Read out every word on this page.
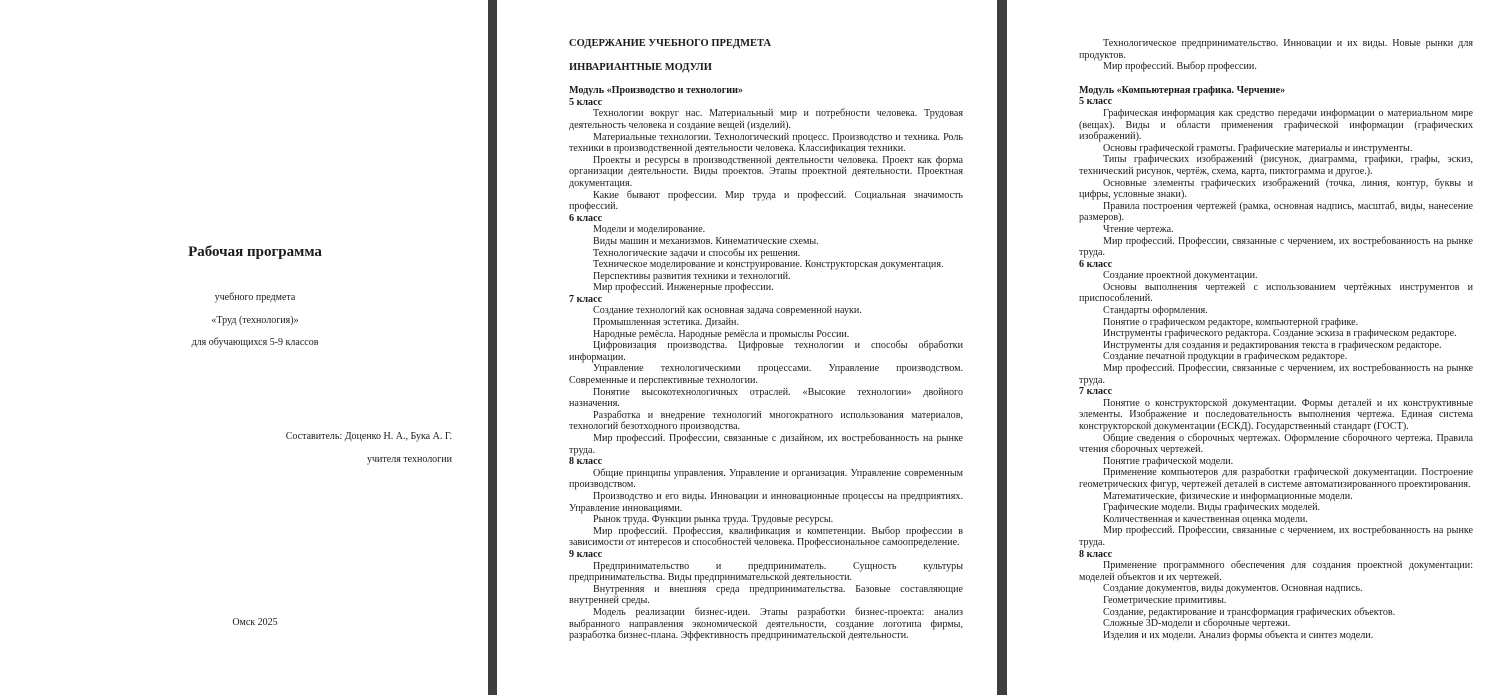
Рабочая программа
учебного предмета
«Труд (технология)»
для обучающихся 5-9 классов
Составитель: Доценко Н. А., Бука А. Г.
учителя технологии
Омск 2025
СОДЕРЖАНИЕ УЧЕБНОГО ПРЕДМЕТА
ИНВАРИАНТНЫЕ МОДУЛИ
Модуль «Производство и технологии»
5 класс

Технологии вокруг нас. Материальный мир и потребности человека. Трудовая деятельность человека и создание вещей (изделий).

Материальные технологии. Технологический процесс. Производство и техника. Роль техники в производственной деятельности человека. Классификация техники.

Проекты и ресурсы в производственной деятельности человека. Проект как форма организации деятельности. Виды проектов. Этапы проектной деятельности. Проектная документация.

Какие бывают профессии. Мир труда и профессий. Социальная значимость профессий.

6 класс

Модели и моделирование.

Виды машин и механизмов. Кинематические схемы.

Технологические задачи и способы их решения.

Техническое моделирование и конструирование. Конструкторская документация.

Перспективы развития техники и технологий.

Мир профессий. Инженерные профессии.

7 класс

Создание технологий как основная задача современной науки.

Промышленная эстетика. Дизайн.

Народные ремёсла. Народные ремёсла и промыслы России.

Цифровизация производства. Цифровые технологии и способы обработки информации.

Управление технологическими процессами. Управление производством. Современные и перспективные технологии.

Понятие высокотехнологичных отраслей. «Высокие технологии» двойного назначения.

Разработка и внедрение технологий многократного использования материалов, технологий безотходного производства.

Мир профессий. Профессии, связанные с дизайном, их востребованность на рынке труда.

8 класс

Общие принципы управления. Управление и организация. Управление современным производством.

Производство и его виды. Инновации и инновационные процессы на предприятиях. Управление инновациями.

Рынок труда. Функции рынка труда. Трудовые ресурсы.

Мир профессий. Профессия, квалификация и компетенции. Выбор профессии в зависимости от интересов и способностей человека. Профессиональное самоопределение.

9 класс

Предпринимательство и предприниматель. Сущность культуры предпринимательства. Виды предпринимательской деятельности.

Внутренняя и внешняя среда предпринимательства. Базовые составляющие внутренней среды.

Модель реализации бизнес-идеи. Этапы разработки бизнес-проекта: анализ выбранного направления экономической деятельности, создание логотипа фирмы, разработка бизнес-плана. Эффективность предпринимательской деятельности.

Технологическое предпринимательство. Инновации и их виды. Новые рынки для продуктов.

Мир профессий. Выбор профессии.

Модуль «Компьютерная графика. Черчение»
5 класс

Графическая информация как средство передачи информации о материальном мире (вещах). Виды и области применения графической информации (графических изображений).

Основы графической грамоты. Графические материалы и инструменты.

Типы графических изображений (рисунок, диаграмма, графики, графы, эскиз, технический рисунок, чертёж, схема, карта, пиктограмма и другое.).

Основные элементы графических изображений (точка, линия, контур, буквы и цифры, условные знаки).

Правила построения чертежей (рамка, основная надпись, масштаб, виды, нанесение размеров).

Чтение чертежа.

Мир профессий. Профессии, связанные с черчением, их востребованность на рынке труда.

6 класс

Создание проектной документации.

Основы выполнения чертежей с использованием чертёжных инструментов и приспособлений.

Стандарты оформления.

Понятие о графическом редакторе, компьютерной графике.

Инструменты графического редактора. Создание эскиза в графическом редакторе.

Инструменты для создания и редактирования текста в графическом редакторе.

Создание печатной продукции в графическом редакторе.

Мир профессий. Профессии, связанные с черчением, их востребованность на рынке труда.

7 класс

Понятие о конструкторской документации. Формы деталей и их конструктивные элементы. Изображение и последовательность выполнения чертежа. Единая система конструкторской документации (ЕСКД). Государственный стандарт (ГОСТ).

Общие сведения о сборочных чертежах. Оформление сборочного чертежа. Правила чтения сборочных чертежей.

Понятие графической модели.

Применение компьютеров для разработки графической документации. Построение геометрических фигур, чертежей деталей в системе автоматизированного проектирования.

Математические, физические и информационные модели.

Графические модели. Виды графических моделей.

Количественная и качественная оценка модели.

Мир профессий. Профессии, связанные с черчением, их востребованность на рынке труда.

8 класс

Применение программного обеспечения для создания проектной документации: моделей объектов и их чертежей.

Создание документов, виды документов. Основная надпись.

Геометрические примитивы.

Создание, редактирование и трансформация графических объектов.

Сложные 3D-модели и сборочные чертежи.

Изделия и их модели. Анализ формы объекта и синтез модели.
